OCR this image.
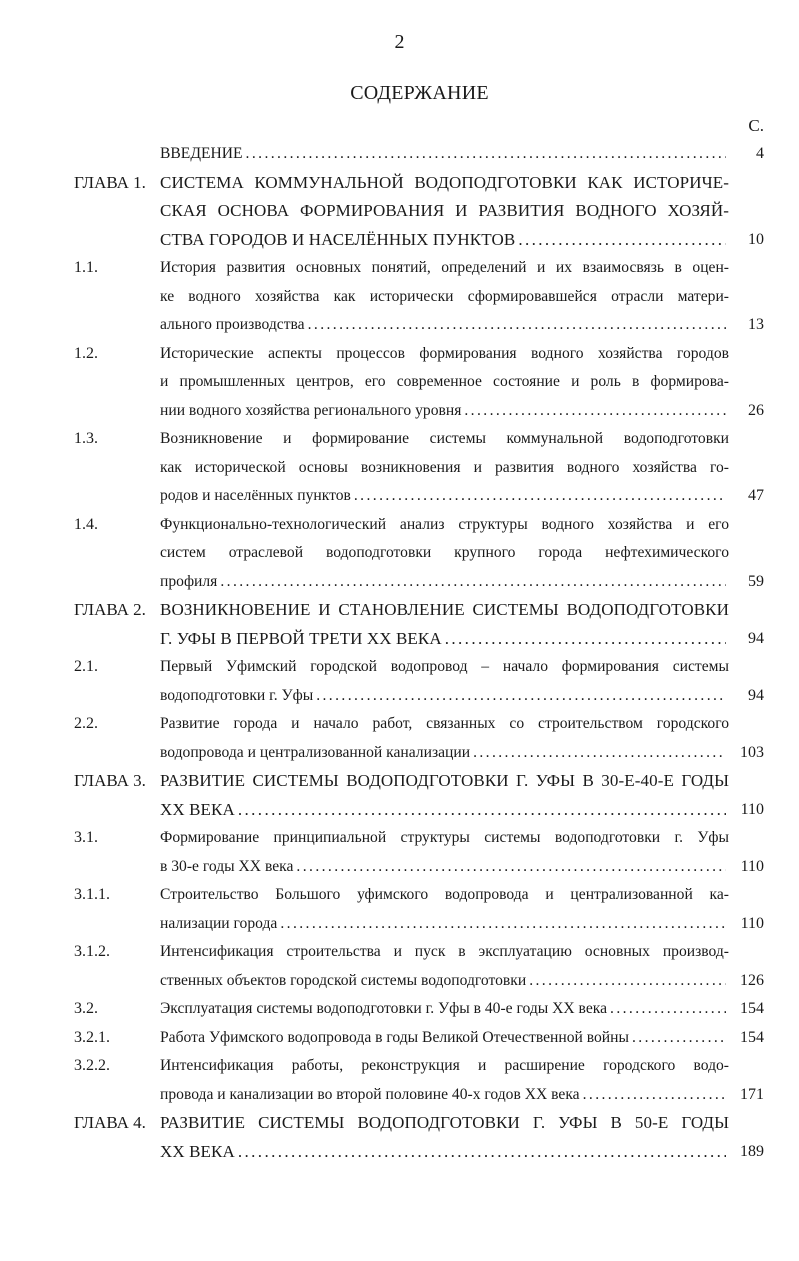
2
СОДЕРЖАНИЕ
С.
ВВЕДЕНИЕ .....	4
ГЛАВА 1. СИСТЕМА КОММУНАЛЬНОЙ ВОДОПОДГОТОВКИ КАК ИСТОРИЧЕ-
СКАЯ ОСНОВА ФОРМИРОВАНИЯ И РАЗВИТИЯ ВОДНОГО ХОЗЯЙ-
СТВА ГОРОДОВ И НАСЕЛЁННЫХ ПУНКТОВ .....	10
1.1.	История развития основных понятий, определений и их взаимосвязь в оцен-
ке водного хозяйства как исторически сформировавшейся отрасли матери-
ального производства .....	13
1.2.	Исторические аспекты процессов формирования водного хозяйства городов
и промышленных центров, его современное состояние и роль в формирова-
нии водного хозяйства регионального уровня .....	26
1.3.	Возникновение и формирование системы коммунальной водоподготовки
как исторической основы возникновения и развития водного хозяйства го-
родов и населённых пунктов .....	47
1.4.	Функционально-технологический анализ структуры водного хозяйства и его
систем отраслевой водоподготовки крупного города нефтехимического
профиля .....	59
ГЛАВА 2. ВОЗНИКНОВЕНИЕ И СТАНОВЛЕНИЕ СИСТЕМЫ ВОДОПОДГОТОВКИ
Г. УФЫ В ПЕРВОЙ ТРЕТИ XX ВЕКА .....	94
2.1.	Первый Уфимский городской водопровод – начало формирования системы
водоподготовки г. Уфы .....	94
2.2.	Развитие города и начало работ, связанных со строительством городского
водопровода и централизованной канализации .....	103
ГЛАВА 3. РАЗВИТИЕ СИСТЕМЫ ВОДОПОДГОТОВКИ Г. УФЫ В 30-Е-40-Е ГОДЫ
XX ВЕКА .....	110
3.1.	Формирование принципиальной структуры системы водоподготовки г. Уфы
в 30-е годы XX века .....	110
3.1.1.	Строительство Большого уфимского водопровода и централизованной ка-
нализации города .....	110
3.1.2.	Интенсификация строительства и пуск в эксплуатацию основных производ-
ственных объектов городской системы водоподготовки .....	126
3.2.	Эксплуатация системы водоподготовки г. Уфы в 40-е годы XX века .....	154
3.2.1.	Работа Уфимского водопровода в годы Великой Отечественной войны .....	154
3.2.2.	Интенсификация работы, реконструкция и расширение городского водо-
провода и канализации во второй половине 40-х годов XX века .....	171
ГЛАВА 4. РАЗВИТИЕ СИСТЕМЫ ВОДОПОДГОТОВКИ Г. УФЫ В 50-Е ГОДЫ
XX ВЕКА .....	189
